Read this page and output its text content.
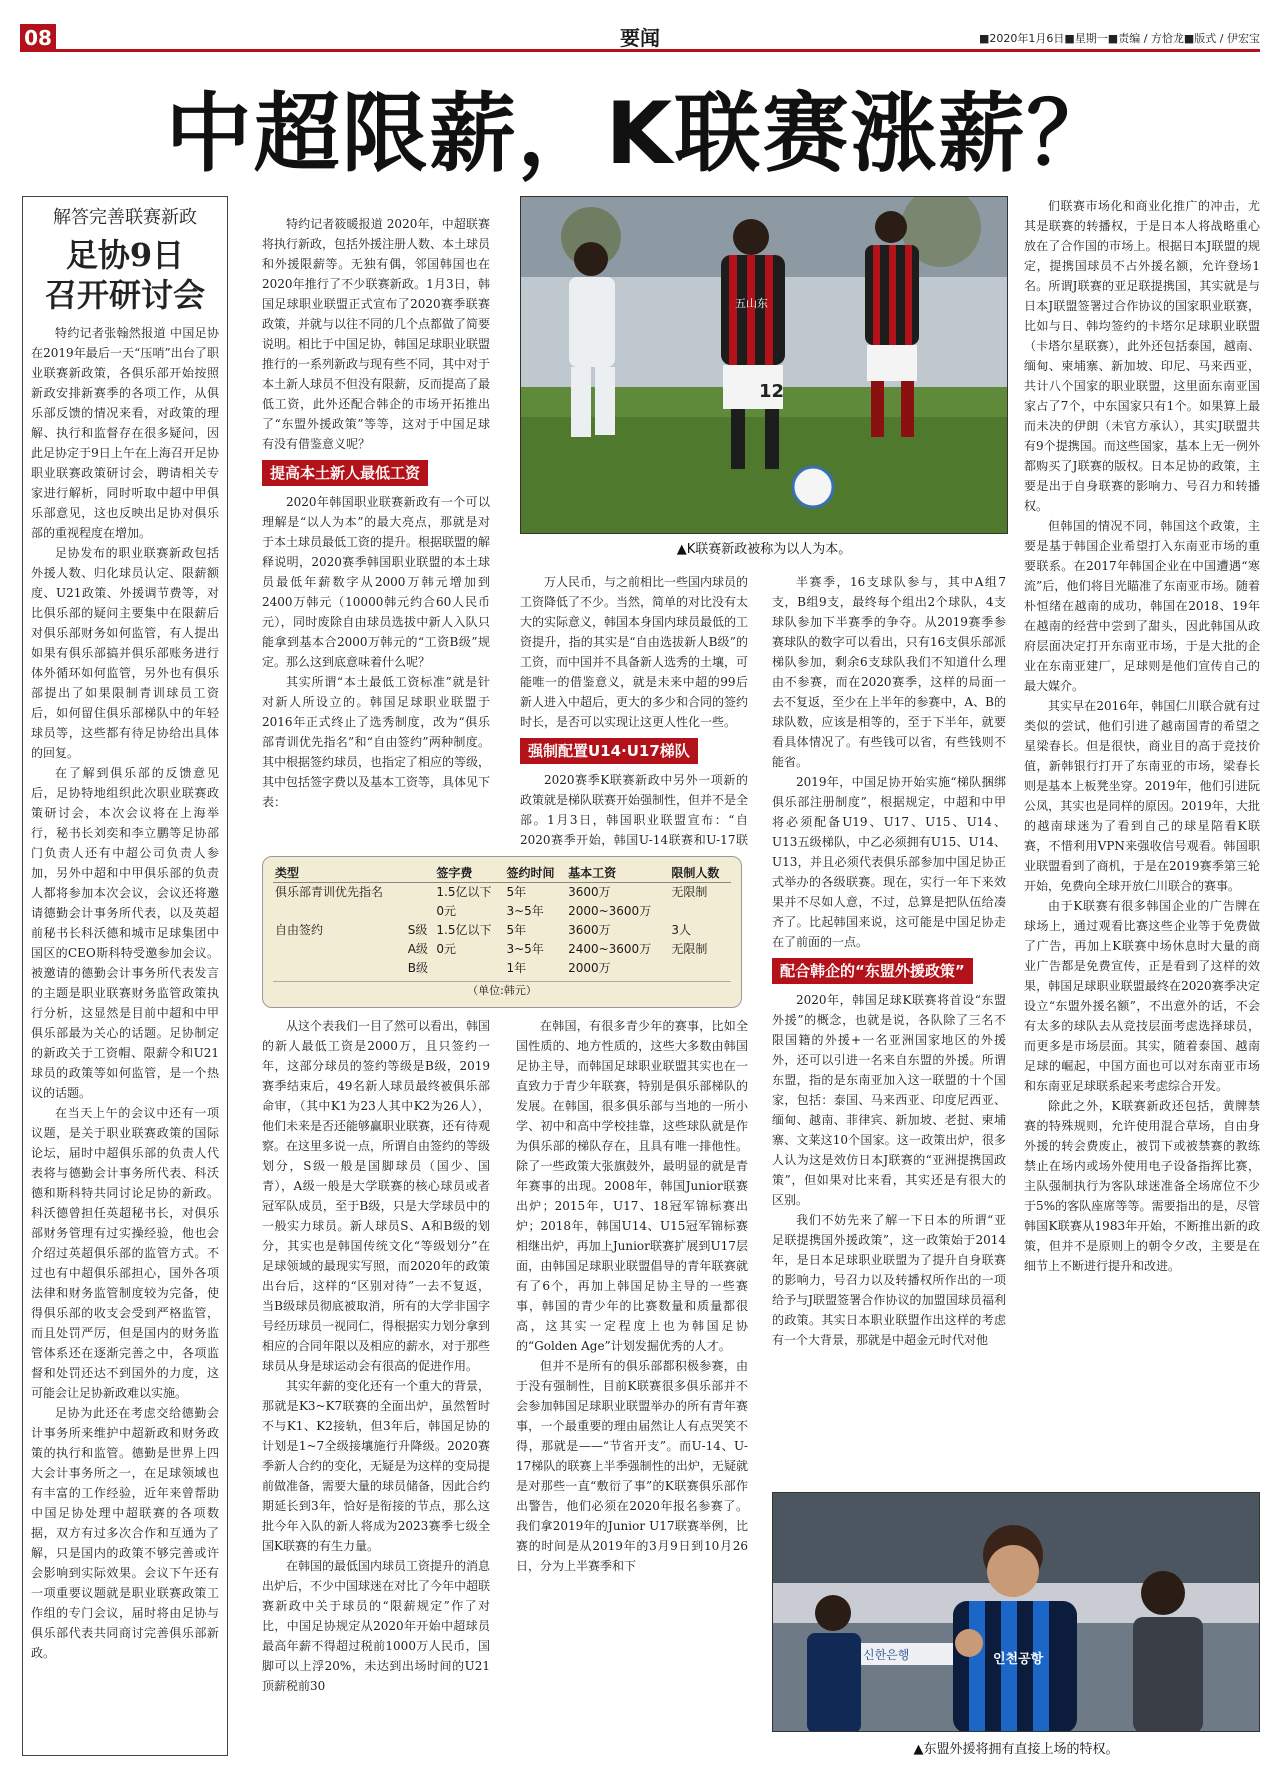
08	要闻	■2020年1月6日■星期一■责编 / 方恰龙■版式 / 伊宏宝
中超限薪，K联赛涨薪？
解答完善联赛新政
足协9日
召开研讨会

特约记者张翰然报道 中国足协在2019年最后一天“压哨”出台了职业联赛新政策，各俱乐部开始按照新政安排新赛季的各项工作，从俱乐部反馈的情况来看，对政策的理解、执行和监督存在很多疑问，因此足协定于9日上午在上海召开足协职业联赛政策研讨会，聘请相关专家进行解析，同时听取中超中甲俱乐部意见，这也反映出足协对俱乐部的重视程度在增加。

足协发布的职业联赛新政包括外援人数、归化球员认定、限薪额度、U21政策、外援调节费等，对比俱乐部的疑问主要集中在限薪后对俱乐部财务如何监管，有人提出如果有俱乐部搞并俱乐部账务进行体外循环如何监管，另外也有俱乐部提出了如果限制青训球员工资后，如何留住俱乐部梯队中的年轻球员等，这些都有待足协给出具体的回复。

在了解到俱乐部的反馈意见后，足协特地组织此次职业联赛政策研讨会，本次会议将在上海举行，秘书长刘奕和李立鹏等足协部门负责人还有中超公司负责人参加，另外中超和中甲俱乐部的负责人都将参加本次会议，会议还将邀请德勤会计事务所代表，以及英超前秘书长科沃德和城市足球集团中国区的CEO斯科特受邀参加会议。被邀请的德勤会计事务所代表发言的主题是职业联赛财务监管政策执行分析，这显然是目前中超和中甲俱乐部最为关心的话题。足协制定的新政关于工资帽、限薪令和U21球员的政策等如何监管，是一个热议的话题。

在当天上午的会议中还有一项议题，是关于职业联赛政策的国际论坛，届时中超俱乐部的负责人代表将与德勤会计事务所代表、科沃德和斯科特共同讨论足协的新政。科沃德曾担任英超秘书长，对俱乐部财务管理有过实操经验，他也会介绍过英超俱乐部的监管方式。不过也有中超俱乐部担心，国外各项法律和财务监管制度较为完备，使得俱乐部的收支会受到严格监管，而且处罚严厉，但是国内的财务监管体系还在逐渐完善之中，各项监督和处罚还达不到国外的力度，这可能会让足协新政难以实施。

足协为此还在考虑交给德勤会计事务所来维护中超新政和财务政策的执行和监管。德勤是世界上四大会计事务所之一，在足球领域也有丰富的工作经验，近年来曾帮助中国足协处理中超联赛的各项数据，双方有过多次合作和互通为了解，只是国内的政策不够完善或许会影响到实际效果。会议下午还有一项重要议题就是职业联赛政策工作组的专门会议，届时将由足协与俱乐部代表共同商讨完善俱乐部新政。

特约记者筱暖报道 2020年，中超联赛将执行新政，包括外援注册人数、本土球员和外援限薪等。无独有偶，邻国韩国也在2020年推行了不少联赛新政。1月3日，韩国足球职业联盟正式宣布了2020赛季联赛政策，并就与以往不同的几个点都做了简要说明。相比于中国足协，韩国足球职业联盟推行的一系列新政与现有些不同，其中对于本土新人球员不但没有限薪，反而提高了最低工资，此外还配合韩企的市场开拓推出了“东盟外援政策”等等，这对于中国足球有没有借鉴意义呢？

提高本土新人最低工资

2020年韩国职业联赛新政有一个可以理解是“以人为本”的最大亮点，那就是对于本土球员最低工资的提升。根据联盟的解释说明，2020赛季韩国职业联盟的本土球员最低年薪数字从2000万韩元增加到2400万韩元（10000韩元约合60人民币元），同时废除自由球员选拔中新人入队只能拿到基本合2000万韩元的“工资B级”规定。那么这到底意味着什么呢？

其实所谓“本土最低工资标准”就是针对新人所设立的。韩国足球职业联盟于2016年正式终止了选秀制度，改为“俱乐部青训优先指名”和“自由签约”两种制度。其中根据签约球员，也指定了相应的等级，其中包括签字费以及基本工资等，具体见下表：

12
五山东
▲K联赛新政被称为以人为本。

万人民币，与之前相比一些国内球员的工资降低了不少。当然，简单的对比没有太大的实际意义，韩国本身国内球员最低的工资提升，指的其实是“自由选拔新人B级”的工资，而中国并不具备新人选秀的土壤，可能唯一的借鉴意义，就是未来中超的99后新人进入中超后，更大的多少和合同的签约时长，是否可以实现让这更人性化一些。

强制配置U14·U17梯队

2020赛季K联赛新政中另外一项新的政策就是梯队联赛开始强制性，但并不是全部。1月3日，韩国职业联盟宣布：“自2020赛季开始，韩国U-14联赛和U-17联

半赛季，16支球队参与，其中A组7支，B组9支，最终每个组出2个球队，4支球队参加下半赛季的争夺。从2019赛季参赛球队的数字可以看出，只有16支俱乐部派梯队参加，剩余6支球队我们不知道什么理由不参赛，而在2020赛季，这样的局面一去不复返，至少在上半年的参赛中，A、B的球队数，应该是相等的，至于下半年，就要看具体情况了。有些钱可以省，有些钱则不能省。

2019年，中国足协开始实施“梯队捆绑俱乐部注册制度”，根据规定，中超和中甲将必须配备U19、U17、U15、U14、U13五级梯队，中乙必须拥有U15、U14、U13，并且必须代表俱乐部参加中国足协正式举办的各级联赛。现在，实行一年下来效果并不尽如人意，不过，总算是把队伍给凑齐了。比起韩国来说，这可能是中国足协走在了前面的一点。

配合韩企的“东盟外援政策”

2020年，韩国足球K联赛将首设“东盟外援”的概念，也就是说，各队除了三名不限国籍的外援+一名亚洲国家地区的外援外，还可以引进一名来自东盟的外援。所谓东盟，指的是东南亚加入这一联盟的十个国家，包括：泰国、马来西亚、印度尼西亚、缅甸、越南、菲律宾、新加坡、老挝、柬埔寨、文莱这10个国家。这一政策出炉，很多人认为这是效仿日本J联赛的“亚洲提携国政策”，但如果对比来看，其实还是有很大的区别。

我们不妨先来了解一下日本的所谓“亚足联提携国外援政策”，这一政策始于2014年，是日本足球职业联盟为了提升自身联赛的影响力，号召力以及转播权所作出的一项给予与J联盟签署合作协议的加盟国球员福利的政策。其实日本职业联盟作出这样的考虑有一个大背景，那就是中超金元时代对他

类型		签字费	签约时间	基本工资	限制人数
俱乐部青训优先指名		1.5亿以下	5年	3600万	无限制
		0元	3~5年	2000~3600万	
自由签约	S级	1.5亿以下	5年	3600万	3人
	A级	0元	3~5年	2400~3600万	无限制
	B级		1年	2000万	
（单位:韩元）

从这个表我们一目了然可以看出，韩国的新人最低工资是2000万，且只签约一年，这部分球员的签约等级是B级，2019赛季结束后，49名新人球员最终被俱乐部命审，（其中K1为23人其中K2为26人），他们未来是否还能够赢职业联赛，还有待观察。在这里多说一点，所谓自由签约的等级划分，S级一般是国脚球员（国少、国青），A级一般是大学联赛的核心球员或者冠军队成员，至于B级，只是大学球员中的一般实力球员。新人球员S、A和B级的划分，其实也是韩国传统文化“等级划分”在足球领域的最现实写照，而2020年的政策出台后，这样的“区别对待”一去不复返，当B级球员彻底被取消，所有的大学非国字号经历球员一视同仁，得根据实力划分拿到相应的合同年限以及相应的薪水，对于那些球员从身是球运动会有很高的促进作用。

其实年薪的变化还有一个重大的背景，那就是K3~K7联赛的全面出炉，虽然暂时不与K1、K2接轨，但3年后，韩国足协的计划是1~7全级接壤施行升降级。2020赛季新人合约的变化，无疑是为这样的变局提前做准备，需要大量的球员储备，因此合约期延长到3年，恰好是衔接的节点，那么这批今年入队的新人将成为2023赛季七级全国K联赛的有生力量。

在韩国的最低国内球员工资提升的消息出炉后，不少中国球迷在对比了今年中超联赛新政中关于球员的“限薪规定”作了对比，中国足协规定从2020年开始中超球员最高年薪不得超过税前1000万人民币，国脚可以上浮20%，未达到出场时间的U21顶薪税前30

在韩国，有很多青少年的赛事，比如全国性质的、地方性质的，这些大多数由韩国足协主导，而韩国足球职业联盟其实也在一直致力于青少年联赛，特别是俱乐部梯队的发展。在韩国，很多俱乐部与当地的一所小学、初中和高中学校挂靠，这些球队就是作为俱乐部的梯队存在，且具有唯一排他性。除了一些政策大张旗鼓外，最明显的就是青年赛事的出现。2008年，韩国Junior联赛出炉；2015年，U17、18冠军锦标赛出炉；2018年，韩国U14、U15冠军锦标赛相继出炉，再加上Junior联赛扩展到U17层面，由韩国足球职业联盟倡导的青年联赛就有了6个，再加上韩国足协主导的一些赛事，韩国的青少年的比赛数量和质量都很高，这其实一定程度上也为韩国足协的“Golden Age”计划发掘优秀的人才。

但并不是所有的俱乐部都积极参赛，由于没有强制性，目前K联赛很多俱乐部并不会参加韩国足球职业联盟举办的所有青年赛事，一个最重要的理由届然让人有点哭笑不得，那就是——“节省开支”。而U-14、U-17梯队的联赛上半季强制性的出炉，无疑就是对那些一直“敷衍了事”的K联赛俱乐部作出警告，他们必须在2020年报名参赛了。我们拿2019年的Junior U17联赛举例，比赛的时间是从2019年的3月9日到10月26日，分为上半赛季和下

们联赛市场化和商业化推广的冲击，尤其是联赛的转播权，于是日本人将战略重心放在了合作国的市场上。根据日本J联盟的规定，提携国球员不占外援名额，允许登场1名。所谓J联赛的亚足联提携国，其实就是与日本J联盟签署过合作协议的国家职业联赛，比如与日、韩均签约的卡塔尔足球职业联盟（卡塔尔星联赛），此外还包括泰国，越南、缅甸、柬埔寨、新加坡、印尼、马来西亚，共计八个国家的职业联盟，这里面东南亚国家占了7个，中东国家只有1个。如果算上最而未决的伊朗（未官方承认），其实J联盟共有9个提携国。而这些国家，基本上无一例外都购买了J联赛的版权。日本足协的政策，主要是出于自身联赛的影响力、号召力和转播权。

但韩国的情况不同，韩国这个政策，主要是基于韩国企业希望打入东南亚市场的重要联系。在2017年韩国企业在中国遭遇“寒流”后，他们将目光瞄准了东南亚市场。随着朴恒绪在越南的成功，韩国在2018、19年在越南的经营中尝到了甜头，因此韩国从政府层面决定打开东南亚市场，于是大批的企业在东南亚建厂，足球则是他们宣传自己的最大媒介。

其实早在2016年，韩国仁川联合就有过类似的尝试，他们引进了越南国青的希望之星梁春长。但是很快，商业目的高于竞技价值，新韩银行打开了东南亚的市场，梁春长则是基本上板凳坐穿。2019年，他们引进阮公凤，其实也是同样的原因。2019年，大批的越南球迷为了看到自己的球星陪看K联赛，不惜利用VPN来强收信号观看。韩国职业联盟看到了商机，于是在2019赛季第三轮开始，免费向全球开放仁川联合的赛事。

由于K联赛有很多韩国企业的广告牌在球场上，通过观看比赛这些企业等于免费做了广告，再加上K联赛中场休息时大量的商业广告都是免费宣传，正是看到了这样的效果，韩国足球职业联盟最终在2020赛季决定设立“东盟外援名额”，不出意外的话，不会有太多的球队去从竞技层面考虑选择球员，而更多是市场层面。其实，随着泰国、越南足球的崛起，中国方面也可以对东南亚市场和东南亚足球联系起来考虑综合开发。

除此之外，K联赛新政还包括，黄牌禁赛的特殊规则，允许使用混合草场，自由身外援的转会费废止，被罚下或被禁赛的教练禁止在场内或场外使用电子设备指挥比赛，主队强制执行为客队球迷准备全场席位不少于5%的客队座席等等。需要指出的是，尽管韩国K联赛从1983年开始，不断推出新的政策，但并不是原则上的朝令夕改，主要是在细节上不断进行提升和改进。

신한은행	인천공항
▲东盟外援将拥有直接上场的特权。
